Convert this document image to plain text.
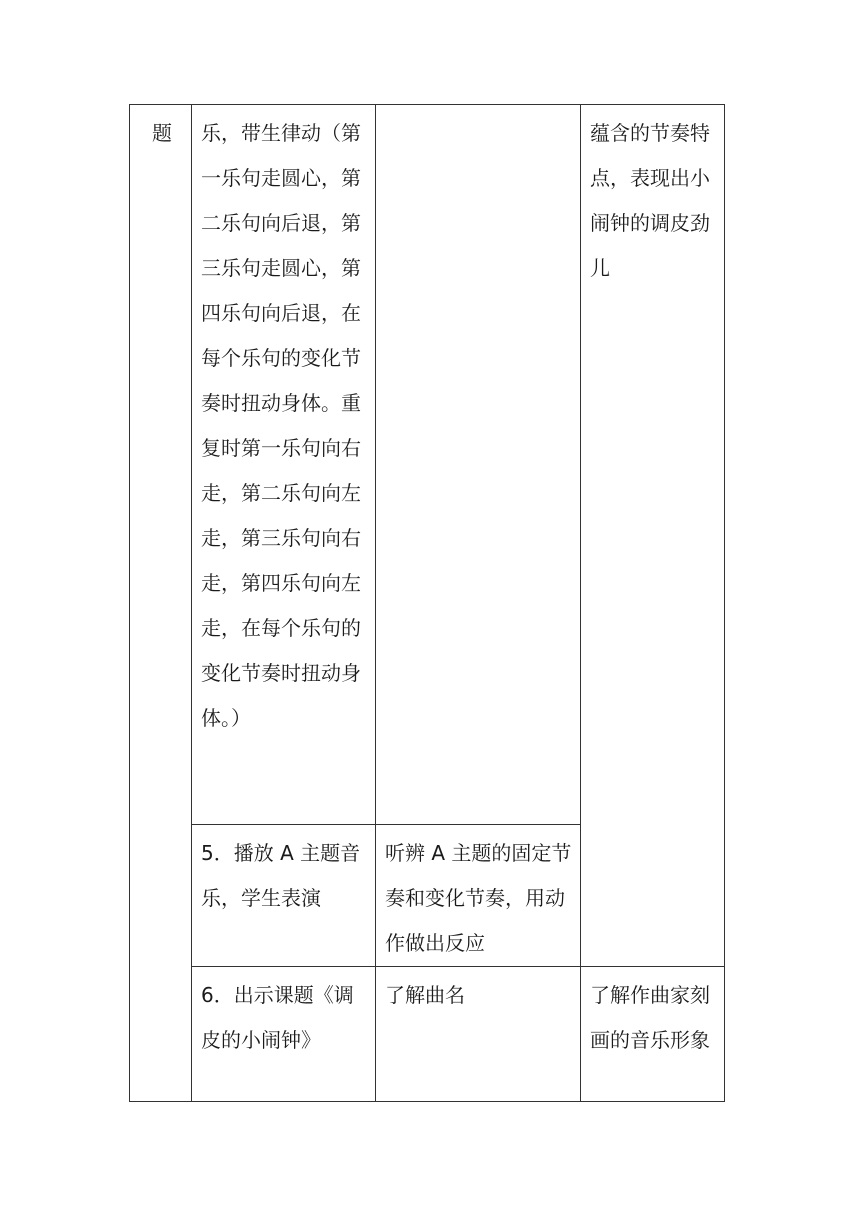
题	乐，带生律动（第一乐句走圆心，第二乐句向后退，第三乐句走圆心，第四乐句向后退，在每个乐句的变化节奏时扭动身体。重复时第一乐句向右走，第二乐句向左走，第三乐句向右走，第四乐句向左走，在每个乐句的变化节奏时扭动身体。）		蕴含的节奏特点，表现出小闹钟的调皮劲儿

	5．播放 A 主题音乐，学生表演	听辨 A 主题的固定节奏和变化节奏，用动作做出反应	

	6．出示课题《调皮的小闹钟》	了解曲名	了解作曲家刻画的音乐形象
